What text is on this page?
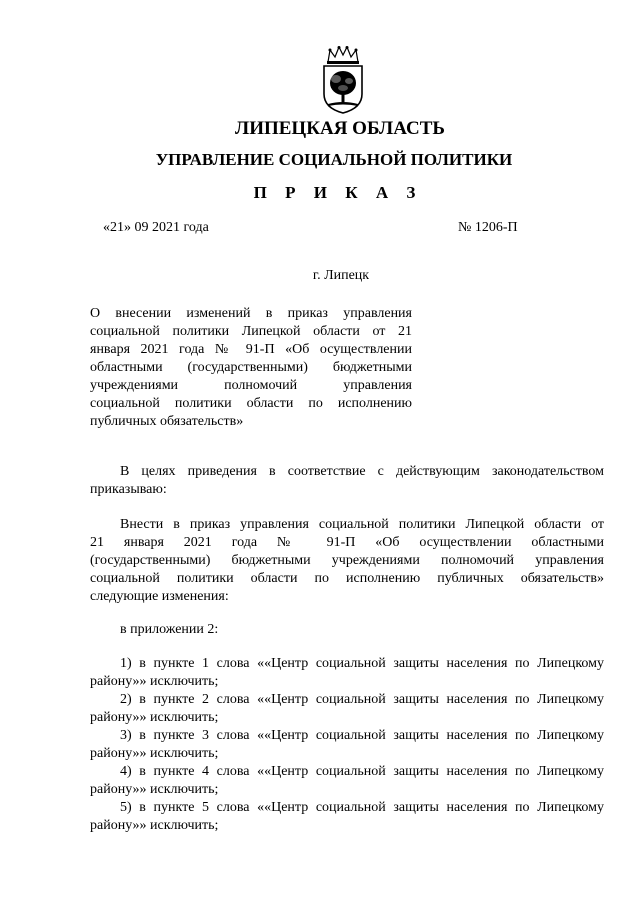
ЛИПЕЦКАЯ ОБЛАСТЬ
УПРАВЛЕНИЕ СОЦИАЛЬНОЙ ПОЛИТИКИ
П Р И К А З
«21» 09 2021 года	№ 1206-П
г. Липецк
О внесении изменений в приказ управления
социальной политики Липецкой области от 21
января 2021 года № 91-П «Об осуществлении
областными (государственными) бюджетными
учреждениями полномочий управления
социальной политики области по исполнению
публичных обязательств»
В целях приведения в соответствие с действующим законодательством
приказываю:
Внести в приказ управления социальной политики Липецкой области от
21 января 2021 года № 91-П «Об осуществлении областными
(государственными) бюджетными учреждениями полномочий управления
социальной политики области по исполнению публичных обязательств»
следующие изменения:
в приложении 2:
1) в пункте 1 слова ««Центр социальной защиты населения по Липецкому
району»» исключить;
2) в пункте 2 слова ««Центр социальной защиты населения по Липецкому
району»» исключить;
3) в пункте 3 слова ««Центр социальной защиты населения по Липецкому
району»» исключить;
4) в пункте 4 слова ««Центр социальной защиты населения по Липецкому
району»» исключить;
5) в пункте 5 слова ««Центр социальной защиты населения по Липецкому
району»» исключить;
